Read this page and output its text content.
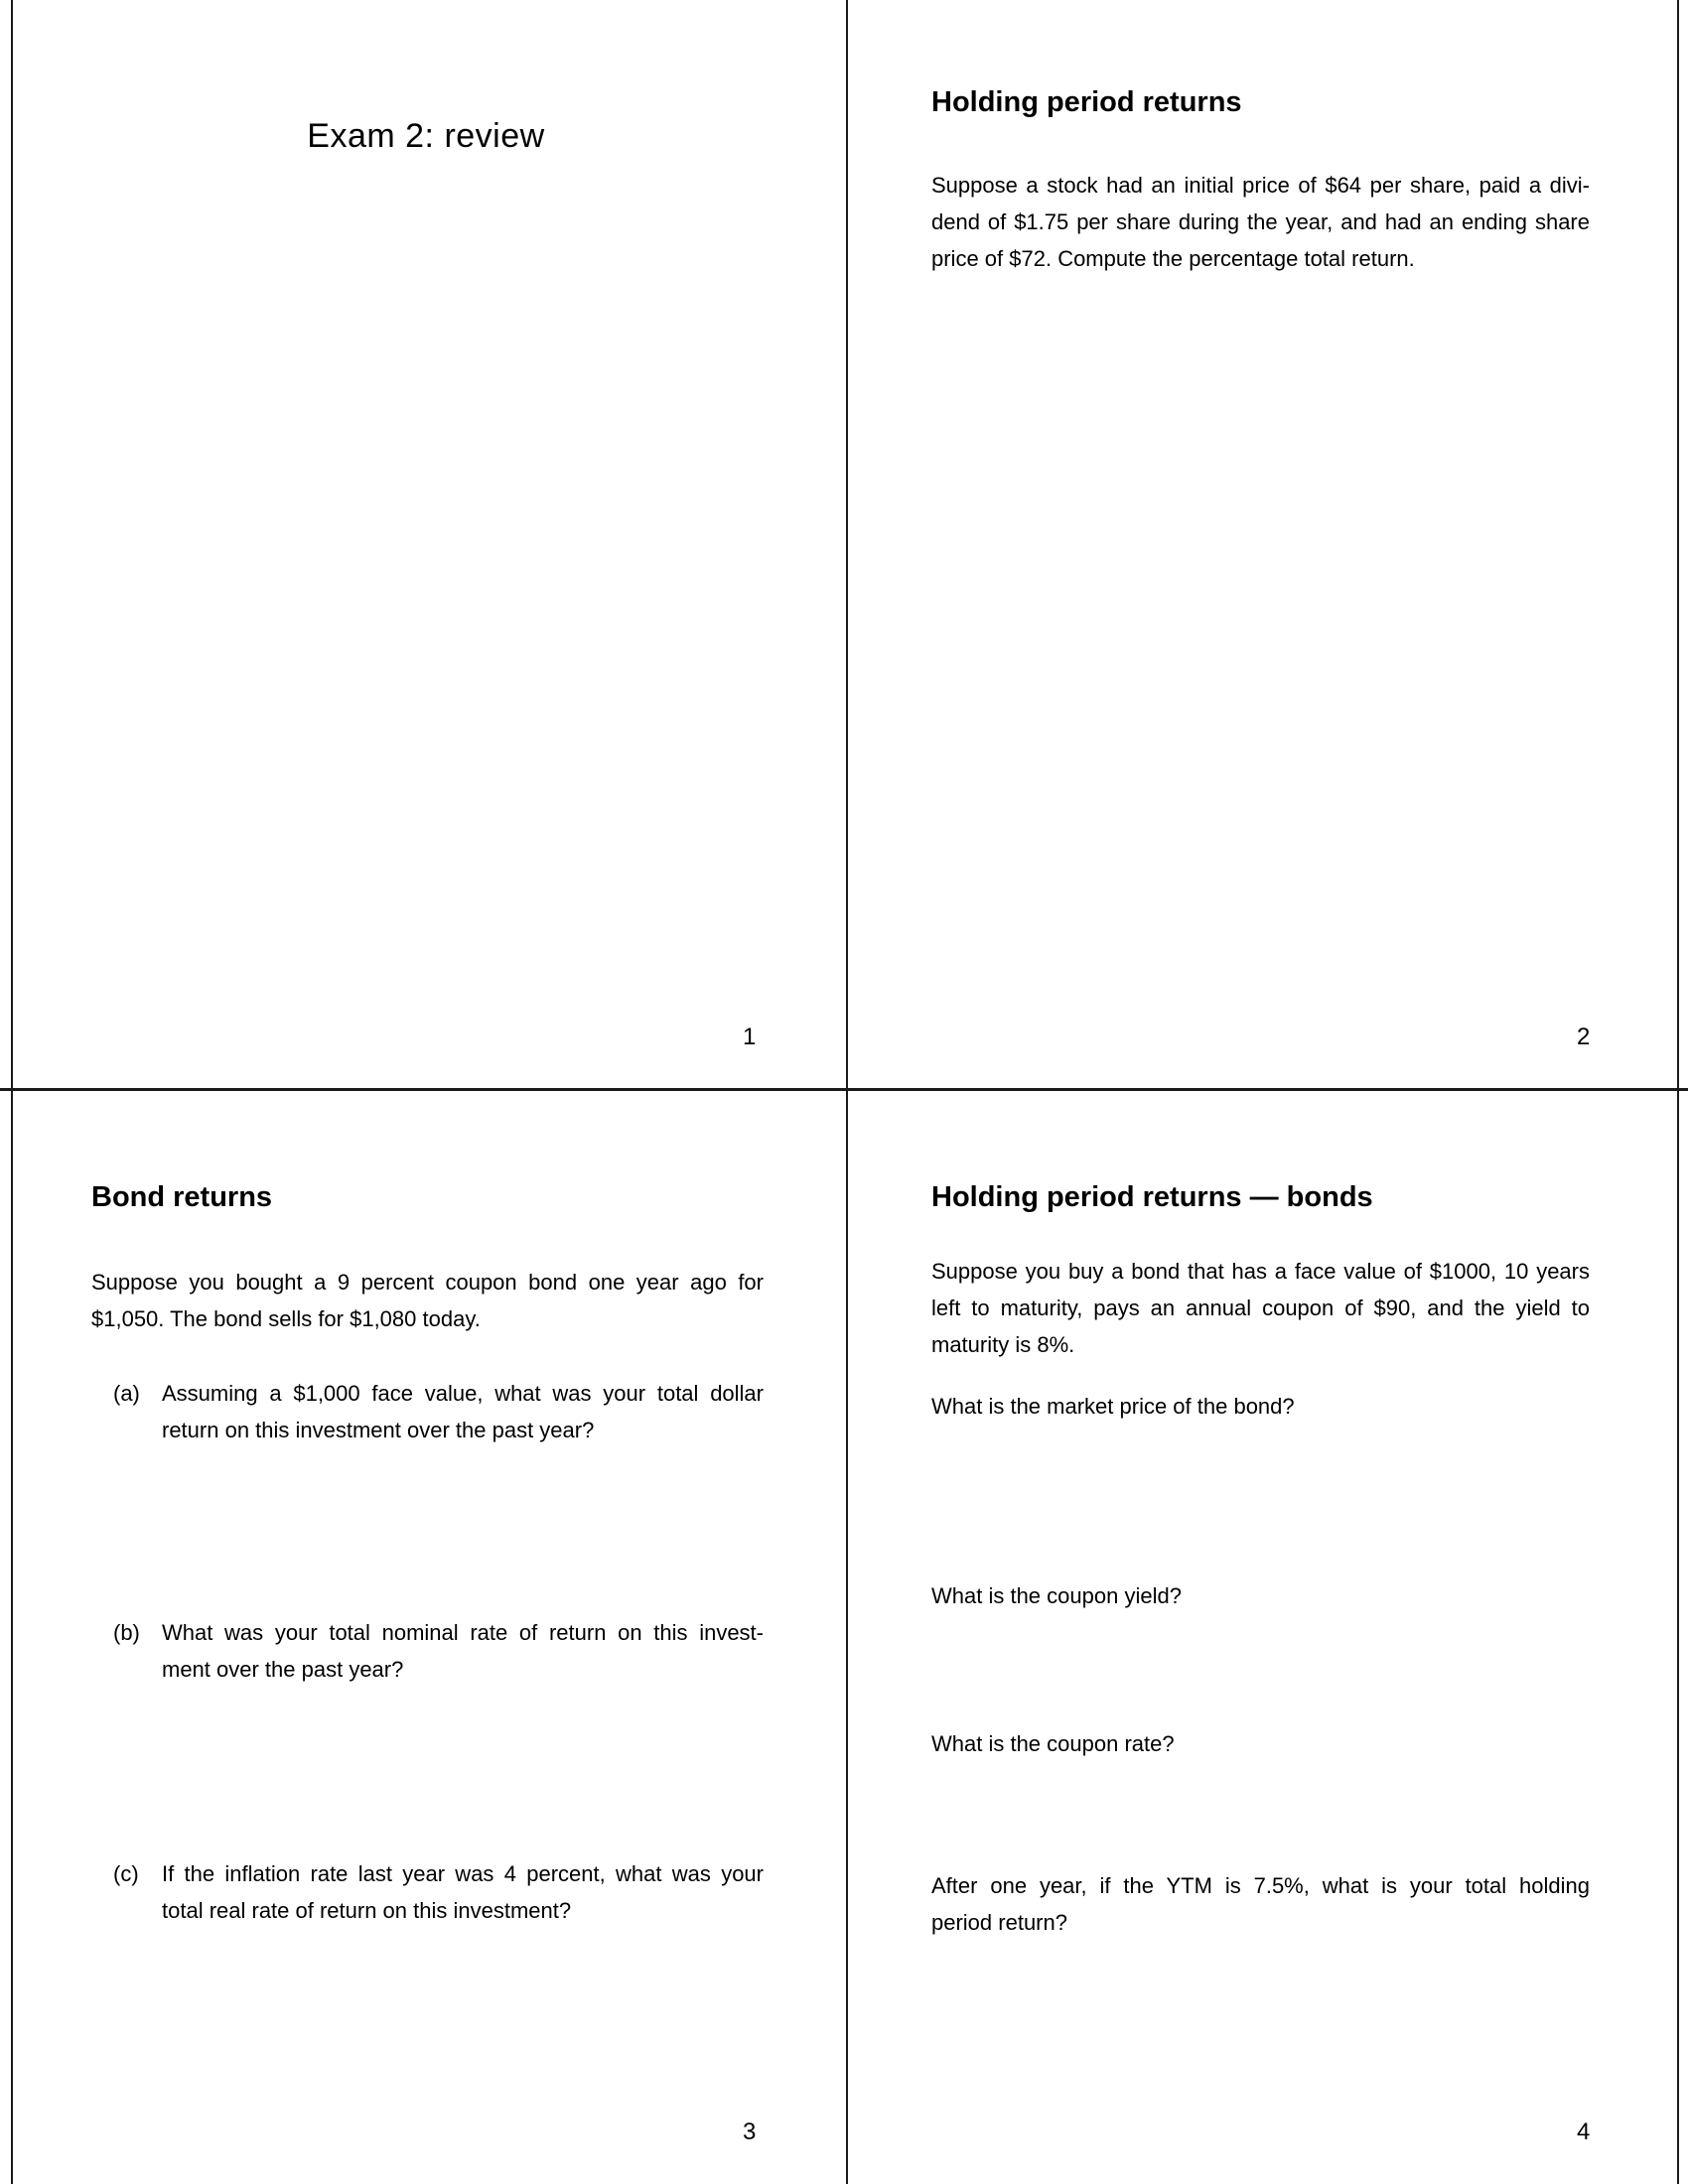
Exam 2: review
1
Holding period returns
Suppose a stock had an initial price of $64 per share, paid a divi-
dend of $1.75 per share during the year, and had an ending share
price of $72. Compute the percentage total return.
2
Bond returns
Suppose you bought a 9 percent coupon bond one year ago for
$1,050. The bond sells for $1,080 today.
(a) Assuming a $1,000 face value, what was your total dollar
return on this investment over the past year?
(b) What was your total nominal rate of return on this invest-
ment over the past year?
(c) If the inflation rate last year was 4 percent, what was your
total real rate of return on this investment?
3
Holding period returns — bonds
Suppose you buy a bond that has a face value of $1000, 10 years
left to maturity, pays an annual coupon of $90, and the yield to
maturity is 8%.
What is the market price of the bond?
What is the coupon yield?
What is the coupon rate?
After one year, if the YTM is 7.5%, what is your total holding
period return?
4
